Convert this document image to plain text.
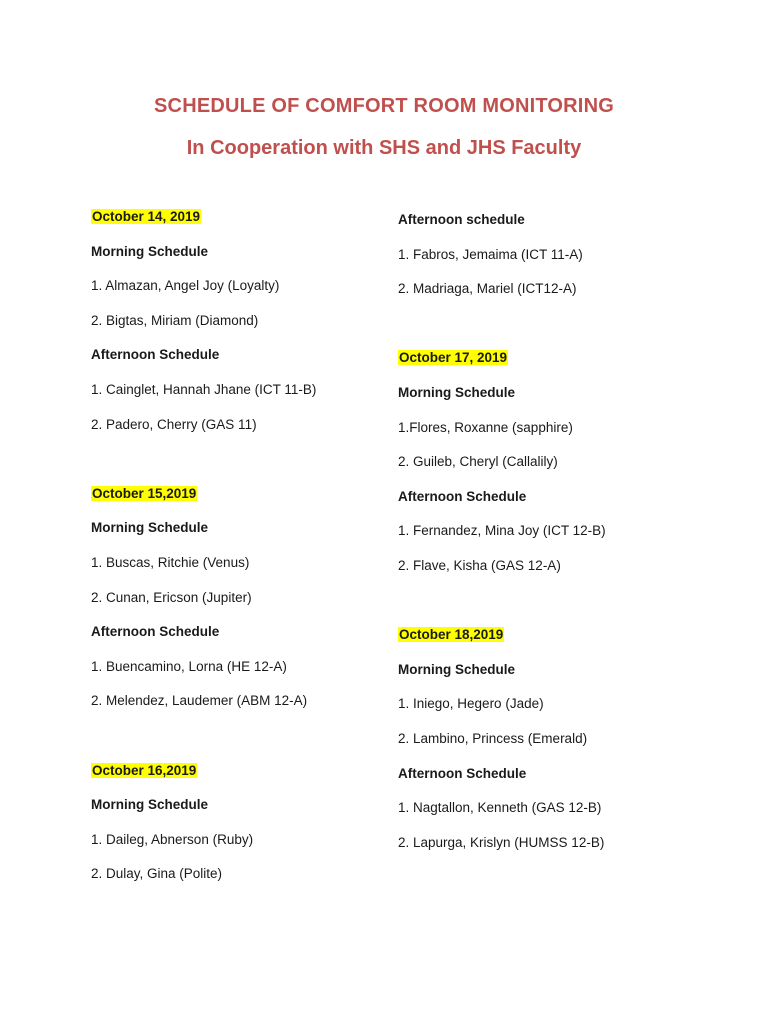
SCHEDULE OF COMFORT ROOM MONITORING
In Cooperation with SHS and JHS Faculty
October 14, 2019
Morning Schedule
1. Almazan, Angel Joy (Loyalty)
2. Bigtas, Miriam (Diamond)
Afternoon Schedule
1. Cainglet, Hannah Jhane (ICT 11-B)
2. Padero, Cherry (GAS 11)
October 15,2019
Morning Schedule
1. Buscas, Ritchie (Venus)
2. Cunan, Ericson (Jupiter)
Afternoon Schedule
1. Buencamino, Lorna (HE 12-A)
2. Melendez, Laudemer (ABM 12-A)
October 16,2019
Morning Schedule
1. Daileg, Abnerson (Ruby)
2. Dulay, Gina (Polite)
Afternoon schedule
1. Fabros, Jemaima (ICT 11-A)
2. Madriaga, Mariel (ICT12-A)
October 17, 2019
Morning Schedule
1.Flores, Roxanne (sapphire)
2. Guileb, Cheryl (Callalily)
Afternoon Schedule
1. Fernandez, Mina Joy (ICT 12-B)
2. Flave, Kisha (GAS 12-A)
October 18,2019
Morning Schedule
1. Iniego, Hegero (Jade)
2. Lambino, Princess (Emerald)
Afternoon Schedule
1. Nagtallon, Kenneth (GAS 12-B)
2. Lapurga, Krislyn (HUMSS 12-B)
